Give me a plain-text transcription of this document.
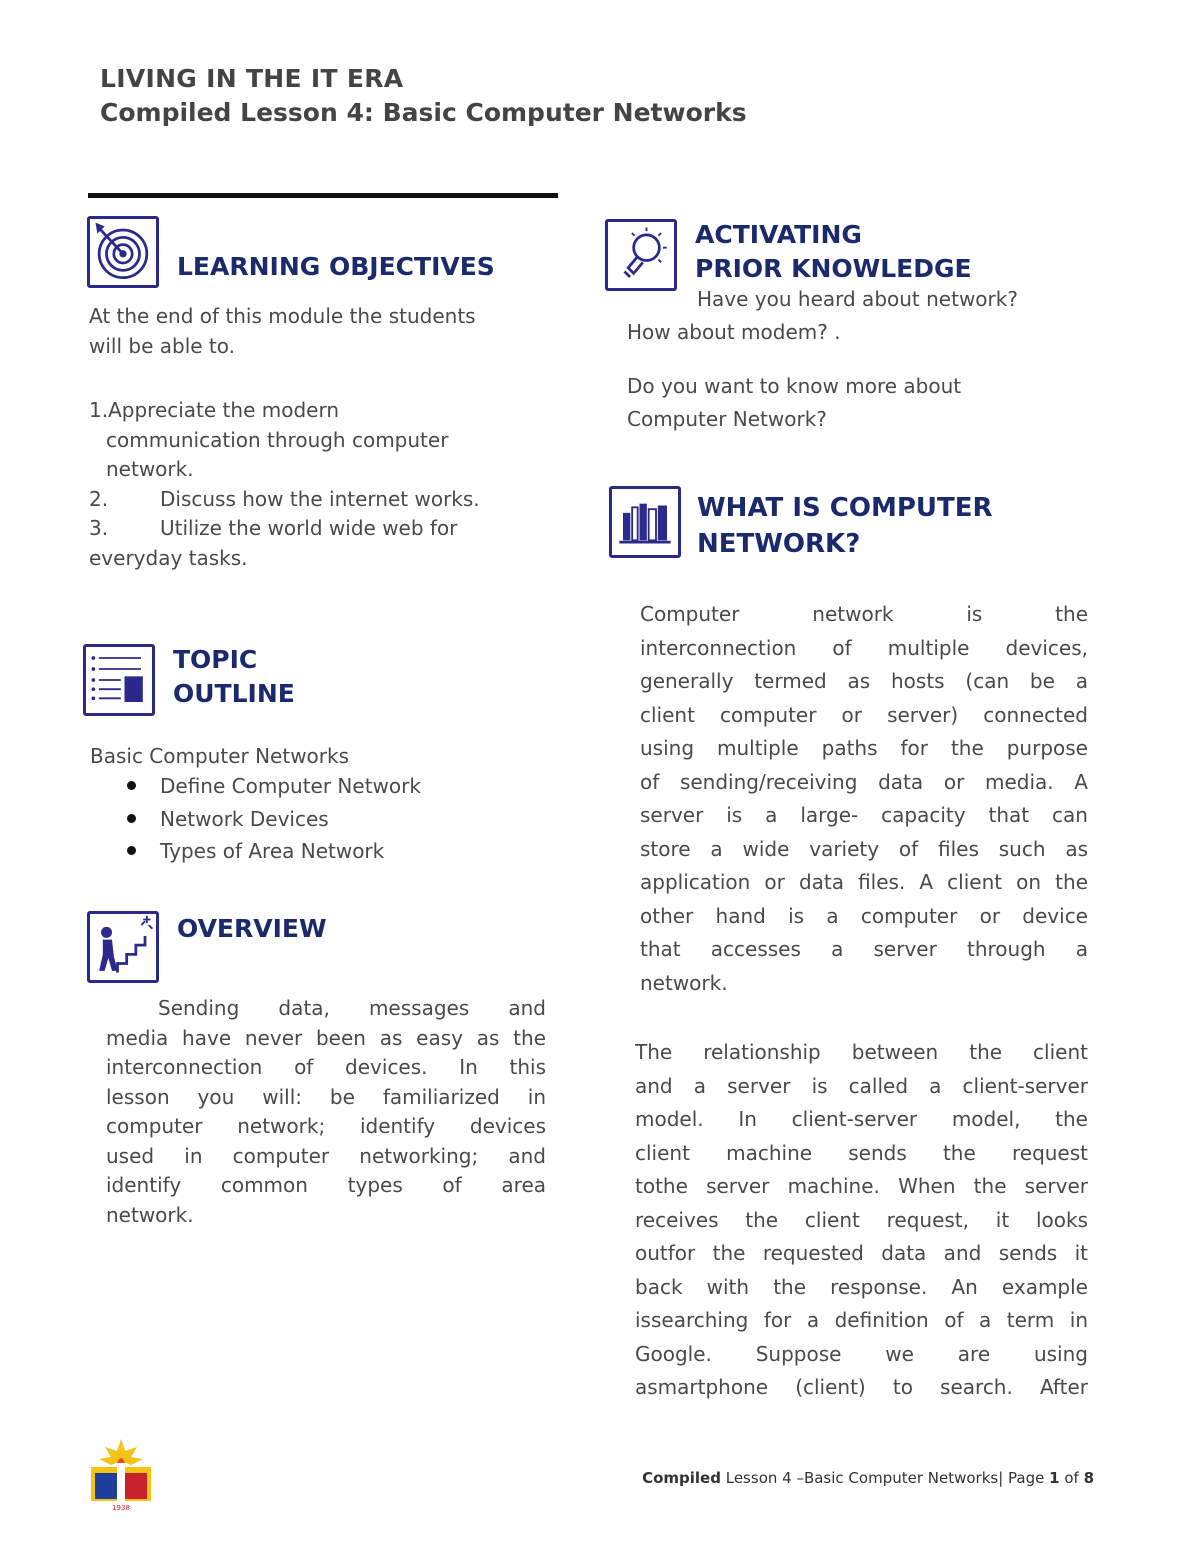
LIVING IN THE IT ERA
Compiled Lesson 4: Basic Computer Networks
LEARNING OBJECTIVES
At the end of this module the students
will be able to.
1.Appreciate the modern
communication through computer
network.
2.	Discuss how the internet works.
3.	Utilize the world wide web for
everyday tasks.
TOPIC
OUTLINE
Basic Computer Networks
Define Computer Network
Network Devices
Types of Area Network
OVERVIEW
Sending data, messages and
media have never been as easy as the
interconnection of devices. In this
lesson you will: be familiarized in
computer network; identify devices
used in computer networking; and
identify common types of area
network.
ACTIVATING
PRIOR KNOWLEDGE
Have you heard about network?
How about modem? .
Do you want to know more about
Computer Network?
WHAT IS COMPUTER
NETWORK?
Computer network is the
interconnection of multiple devices,
generally termed as hosts (can be a
client computer or server) connected
using multiple paths for the purpose
of sending/receiving data or media. A
server is a large- capacity that can
store a wide variety of files such as
application or data files. A client on the
other hand is a computer or device
that accesses a server through a
network.
The relationship between the client
and a server is called a client-server
model. In client-server model, the
client machine sends the request
tothe server machine. When the server
receives the client request, it looks
outfor the requested data and sends it
back with the response. An example
issearching for a definition of a term in
Google. Suppose we are using
asmartphone (client) to search. After
1938
Compiled Lesson 4 –Basic Computer Networks| Page 1 of 8
